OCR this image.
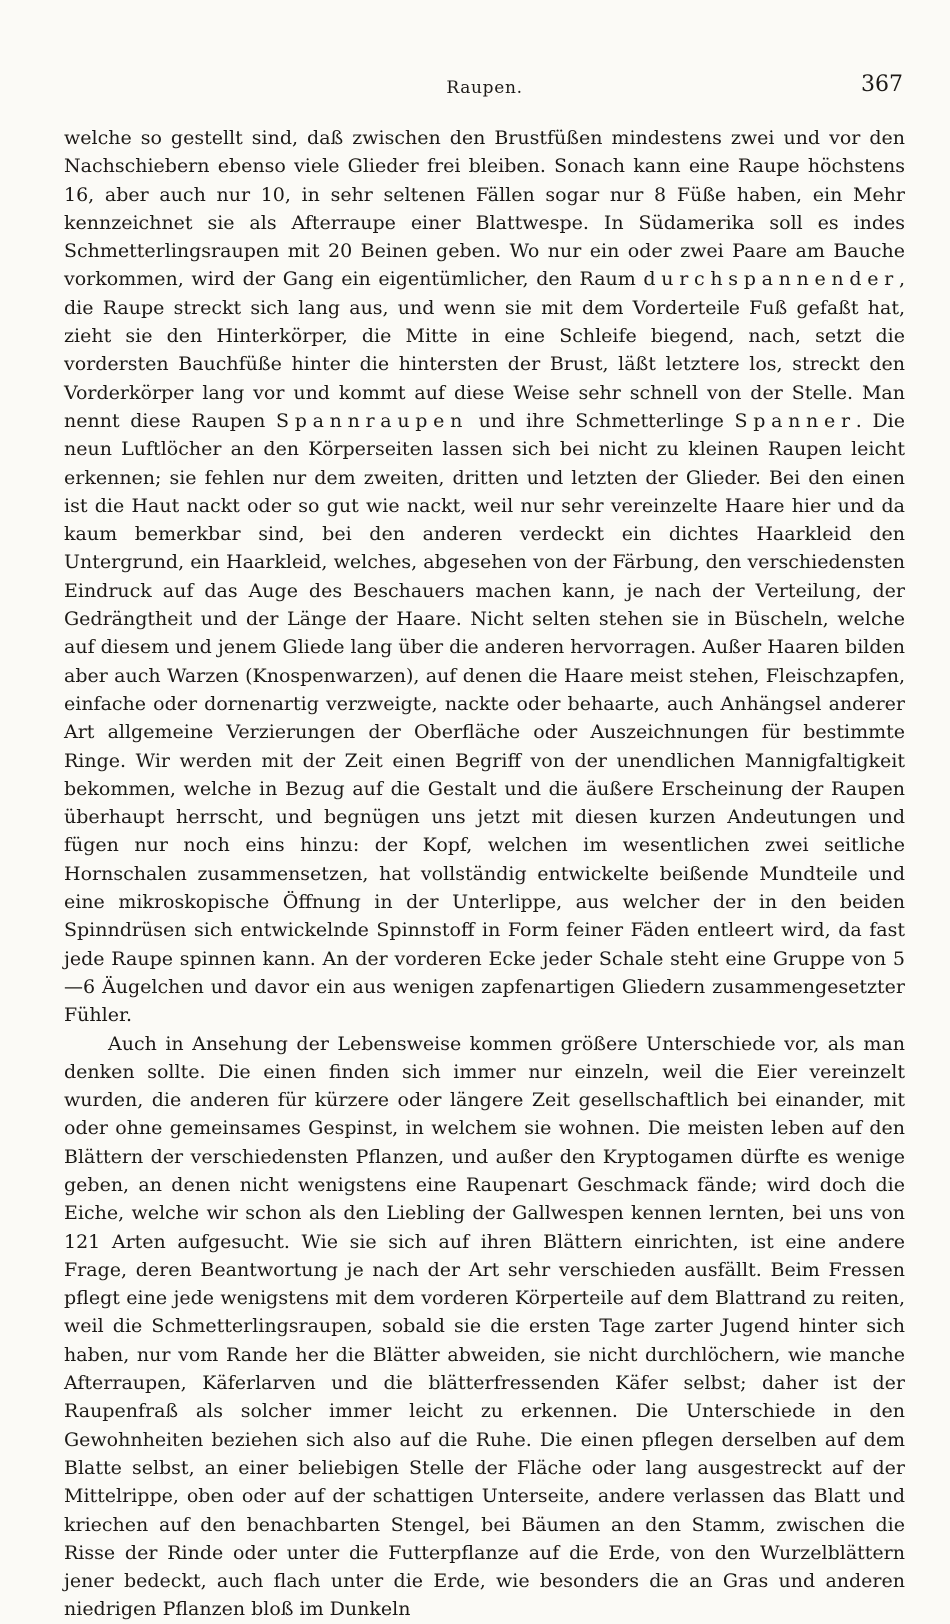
Raupen.	367

welche so gestellt sind, daß zwischen den Brustfüßen mindestens zwei und vor den Nachschiebern ebenso viele Glieder frei bleiben. Sonach kann eine Raupe höchstens 16, aber auch nur 10, in sehr seltenen Fällen sogar nur 8 Füße haben, ein Mehr kennzeichnet sie als Afterraupe einer Blattwespe. In Südamerika soll es indes Schmetterlingsraupen mit 20 Beinen geben. Wo nur ein oder zwei Paare am Bauche vorkommen, wird der Gang ein eigentümlicher, den Raum durchspannender, die Raupe streckt sich lang aus, und wenn sie mit dem Vorderteile Fuß gefaßt hat, zieht sie den Hinterkörper, die Mitte in eine Schleife biegend, nach, setzt die vordersten Bauchfüße hinter die hintersten der Brust, läßt letztere los, streckt den Vorderkörper lang vor und kommt auf diese Weise sehr schnell von der Stelle. Man nennt diese Raupen Spannraupen und ihre Schmetterlinge Spanner. Die neun Luftlöcher an den Körperseiten lassen sich bei nicht zu kleinen Raupen leicht erkennen; sie fehlen nur dem zweiten, dritten und letzten der Glieder. Bei den einen ist die Haut nackt oder so gut wie nackt, weil nur sehr vereinzelte Haare hier und da kaum bemerkbar sind, bei den anderen verdeckt ein dichtes Haarkleid den Untergrund, ein Haarkleid, welches, abgesehen von der Färbung, den verschiedensten Eindruck auf das Auge des Beschauers machen kann, je nach der Verteilung, der Gedrängtheit und der Länge der Haare. Nicht selten stehen sie in Büscheln, welche auf diesem und jenem Gliede lang über die anderen hervorragen. Außer Haaren bilden aber auch Warzen (Knospenwarzen), auf denen die Haare meist stehen, Fleischzapfen, einfache oder dornenartig verzweigte, nackte oder behaarte, auch Anhängsel anderer Art allgemeine Verzierungen der Oberfläche oder Auszeichnungen für bestimmte Ringe. Wir werden mit der Zeit einen Begriff von der unendlichen Mannigfaltigkeit bekommen, welche in Bezug auf die Gestalt und die äußere Erscheinung der Raupen überhaupt herrscht, und begnügen uns jetzt mit diesen kurzen Andeutungen und fügen nur noch eins hinzu: der Kopf, welchen im wesentlichen zwei seitliche Hornschalen zusammensetzen, hat vollständig entwickelte beißende Mundteile und eine mikroskopische Öffnung in der Unterlippe, aus welcher der in den beiden Spinndrüsen sich entwickelnde Spinnstoff in Form feiner Fäden entleert wird, da fast jede Raupe spinnen kann. An der vorderen Ecke jeder Schale steht eine Gruppe von 5—6 Äugelchen und davor ein aus wenigen zapfenartigen Gliedern zusammengesetzter Fühler.

Auch in Ansehung der Lebensweise kommen größere Unterschiede vor, als man denken sollte. Die einen finden sich immer nur einzeln, weil die Eier vereinzelt wurden, die anderen für kürzere oder längere Zeit gesellschaftlich bei einander, mit oder ohne gemeinsames Gespinst, in welchem sie wohnen. Die meisten leben auf den Blättern der verschiedensten Pflanzen, und außer den Kryptogamen dürfte es wenige geben, an denen nicht wenigstens eine Raupenart Geschmack fände; wird doch die Eiche, welche wir schon als den Liebling der Gallwespen kennen lernten, bei uns von 121 Arten aufgesucht. Wie sie sich auf ihren Blättern einrichten, ist eine andere Frage, deren Beantwortung je nach der Art sehr verschieden ausfällt. Beim Fressen pflegt eine jede wenigstens mit dem vorderen Körperteile auf dem Blattrand zu reiten, weil die Schmetterlingsraupen, sobald sie die ersten Tage zarter Jugend hinter sich haben, nur vom Rande her die Blätter abweiden, sie nicht durchlöchern, wie manche Afterraupen, Käferlarven und die blätterfressenden Käfer selbst; daher ist der Raupenfraß als solcher immer leicht zu erkennen. Die Unterschiede in den Gewohnheiten beziehen sich also auf die Ruhe. Die einen pflegen derselben auf dem Blatte selbst, an einer beliebigen Stelle der Fläche oder lang ausgestreckt auf der Mittelrippe, oben oder auf der schattigen Unterseite, andere verlassen das Blatt und kriechen auf den benachbarten Stengel, bei Bäumen an den Stamm, zwischen die Risse der Rinde oder unter die Futterpflanze auf die Erde, von den Wurzelblättern jener bedeckt, auch flach unter die Erde, wie besonders die an Gras und anderen niedrigen Pflanzen bloß im Dunkeln
